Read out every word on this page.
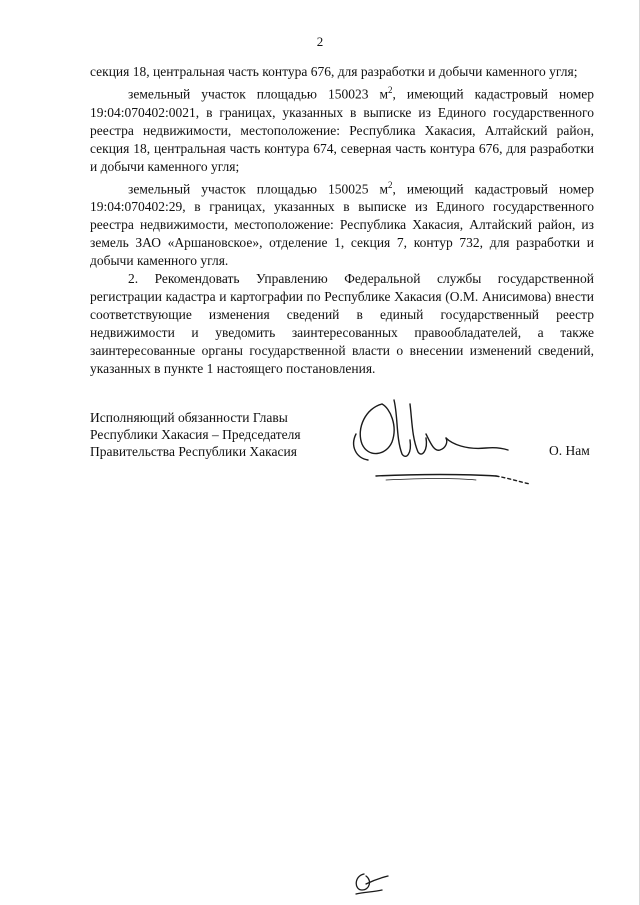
2

секция 18, центральная часть контура 676, для разработки и добычи каменного угля;

земельный участок площадью 150023 $м^2$, имеющий кадастровый номер 19:04:070402:0021, в границах, указанных в выписке из Единого государственного реестра недвижимости, местоположение: Республика Хакасия, Алтайский район, секция 18, центральная часть контура 674, северная часть контура 676, для разработки и добычи каменного угля;

земельный участок площадью 150025 $м^2$, имеющий кадастровый номер 19:04:070402:29, в границах, указанных в выписке из Единого государственного реестра недвижимости, местоположение: Республика Хакасия, Алтайский район, из земель ЗАО «Аршановское», отделение 1, секция 7, контур 732, для разработки и добычи каменного угля.

2. Рекомендовать Управлению Федеральной службы государственной регистрации кадастра и картографии по Республике Хакасия (О.М. Анисимова) внести соответствующие изменения сведений в единый государственный реестр недвижимости и уведомить заинтересованных правообладателей, а также заинтересованные органы государственной власти о внесении изменений сведений, указанных в пункте 1 настоящего постановления.

Исполняющий обязанности Главы
Республики Хакасия – Председателя
Правительства Республики Хакасия	О. Нам
